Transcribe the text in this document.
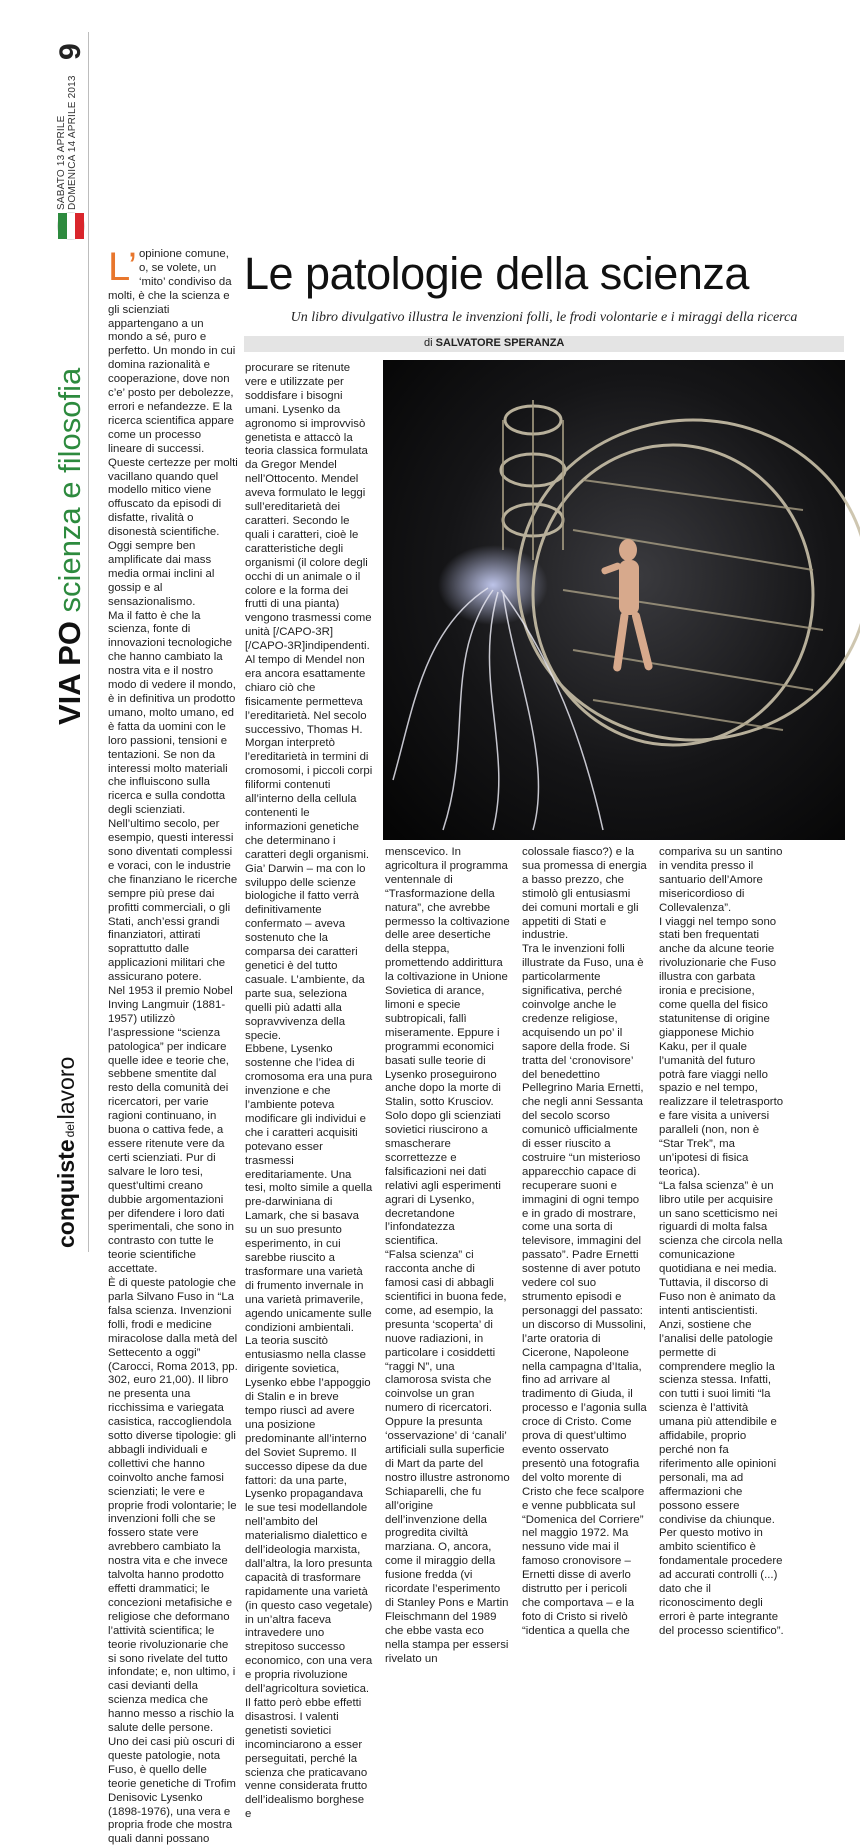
9
SABATO 13 APRILE DOMENICA 14 APRILE 2013
VIA PO scienza e filosofia
conquistedellavoro
Le patologie della scienza
Un libro divulgativo illustra le invenzioni folli, le frodi volontarie e i miraggi della ricerca
di SALVATORE SPERANZA
L’ opinione comune, o, se volete, un ‘mito’ condiviso da molti, è che la scienza e gli scienziati appartengano a un mondo a sé, puro e perfetto. Un mondo in cui domina razionalità e cooperazione, dove non c’e’ posto per debolezze, errori e nefandezze. E la ricerca scientifica appare come un processo lineare di successi. Queste certezze per molti vacillano quando quel modello mitico viene offuscato da episodi di disfatte, rivalità o disonestà scientifiche. Oggi sempre ben amplificate dai mass media ormai inclini al gossip e al sensazionalismo.

Ma il fatto è che la scienza, fonte di innovazioni tecnologiche che hanno cambiato la nostra vita e il nostro modo di vedere il mondo, è in definitiva un prodotto umano, molto umano, ed è fatta da uomini con le loro passioni, tensioni e tentazioni. Se non da interessi molto materiali che influiscono sulla ricerca e sulla condotta degli scienziati. Nell’ultimo secolo, per esempio, questi interessi sono diventati complessi e voraci, con le industrie che finanziano le ricerche sempre più prese dai profitti commerciali, o gli Stati, anch’essi grandi finanziatori, attirati soprattutto dalle applicazioni militari che assicurano potere.

Nel 1953 il premio Nobel Inving Langmuir (1881-1957) utilizzò l’aspressione “scienza patologica” per indicare quelle idee e teorie che, sebbene smentite dal resto della comunità dei ricercatori, per varie ragioni continuano, in buona o cattiva fede, a essere ritenute vere da certi scienziati. Pur di salvare le loro tesi, quest’ultimi creano dubbie argomentazioni per difendere i loro dati sperimentali, che sono in contrasto con tutte le teorie scientifiche accettate.

È di queste patologie che parla Silvano Fuso in “La falsa scienza. Invenzioni folli, frodi e medicine miracolose dalla metà del Settecento a oggi” (Carocci, Roma 2013, pp. 302, euro 21,00). Il libro ne presenta una ricchissima e variegata casistica, raccogliendola sotto diverse tipologie: gli abbagli individuali e collettivi che hanno coinvolto anche famosi scienziati; le vere e proprie frodi volontarie; le invenzioni folli che se fossero state vere avrebbero cambiato la nostra vita e che invece talvolta hanno prodotto effetti drammatici; le concezioni metafisiche e religiose che deformano l’attività scientifica; le teorie rivoluzionarie che si sono rivelate del tutto infondate; e, non ultimo, i casi devianti della scienza medica che hanno messo a rischio la salute delle persone.

Uno dei casi più oscuri di queste patologie, nota Fuso, è quello delle teorie genetiche di Trofim Denisovic Lysenko (1898-1976), una vera e propria frode che mostra quali danni possano

procurare se ritenute vere e utilizzate per soddisfare i bisogni umani. Lysenko da agronomo si improvvisò genetista e attaccò la teoria classica formulata da Gregor Mendel nell’Ottocento. Mendel aveva formulato le leggi sull’ereditarietà dei caratteri. Secondo le quali i caratteri, cioè le caratteristiche degli organismi (il colore degli occhi di un animale o il colore e la forma dei frutti di una pianta) vengono trasmessi come unità [/CAPO-3R][/CAPO-3R]indipendenti. Al tempo di Mendel non era ancora esattamente chiaro ciò che fisicamente permetteva l’ereditarietà. Nel secolo successivo, Thomas H. Morgan interpretò l’ereditarietà in termini di cromosomi, i piccoli corpi filiformi contenuti all’interno della cellula contenenti le informazioni genetiche che determinano i caratteri degli organismi. Gia’ Darwin – ma con lo sviluppo delle scienze biologiche il fatto verrà definitivamente confermato – aveva sostenuto che la comparsa dei caratteri genetici è del tutto casuale. L’ambiente, da parte sua, seleziona quelli più adatti alla sopravvivenza della specie.

Ebbene, Lysenko sostenne che l’idea di cromosoma era una pura invenzione e che l’ambiente poteva modificare gli individui e che i caratteri acquisiti potevano esser trasmessi ereditariamente. Una tesi, molto simile a quella pre-darwiniana di Lamark, che si basava su un suo presunto esperimento, in cui sarebbe riuscito a trasformare una varietà di frumento invernale in una varietà primaverile, agendo unicamente sulle condizioni ambientali.

La teoria suscitò entusiasmo nella classe dirigente sovietica, Lysenko ebbe l’appoggio di Stalin e in breve tempo riuscì ad avere una posizione predominante all’interno del Soviet Supremo. Il successo dipese da due fattori: da una parte, Lysenko propagandava le sue tesi modellandole nell’ambito del materialismo dialettico e dell’ideologia marxista, dall’altra, la loro presunta capacità di trasformare rapidamente una varietà (in questo caso vegetale) in un’altra faceva intravedere uno strepitoso successo economico, con una vera e propria rivoluzione dell’agricoltura sovietica. Il fatto però ebbe effetti disastrosi. I valenti genetisti sovietici incominciarono a esser perseguitati, perché la scienza che praticavano venne considerata frutto dell’idealismo borghese e

menscevico. In agricoltura il programma ventennale di “Trasformazione della natura”, che avrebbe permesso la coltivazione delle aree desertiche della steppa, promettendo addirittura la coltivazione in Unione Sovietica di arance, limoni e specie subtropicali, fallì miseramente. Eppure i programmi economici basati sulle teorie di Lysenko proseguirono anche dopo la morte di Stalin, sotto Krusciov. Solo dopo gli scienziati sovietici riuscirono a smascherare scorrettezze e falsificazioni nei dati relativi agli esperimenti agrari di Lysenko, decretandone l’infondatezza scientifica.

“Falsa scienza” ci racconta anche di famosi casi di abbagli scientifici in buona fede, come, ad esempio, la presunta ‘scoperta’ di nuove radiazioni, in particolare i cosiddetti “raggi N”, una clamorosa svista che coinvolse un gran numero di ricercatori. Oppure la presunta ‘osservazione’ di ‘canali’ artificiali sulla superficie di Mart da parte del nostro illustre astronomo Schiaparelli, che fu all’origine dell’invenzione della progredita civiltà marziana. O, ancora, come il miraggio della fusione fredda (vi ricordate l’esperimento di Stanley Pons e Martin Fleischmann del 1989 che ebbe vasta eco nella stampa per essersi rivelato un

colossale fiasco?) e la sua promessa di energia a basso prezzo, che stimolò gli entusiasmi dei comuni mortali e gli appetiti di Stati e industrie.

Tra le invenzioni folli illustrate da Fuso, una è particolarmente significativa, perché coinvolge anche le credenze religiose, acquisendo un po’ il sapore della frode. Si tratta del ‘cronovisore’ del benedettino Pellegrino Maria Ernetti, che negli anni Sessanta del secolo scorso comunicò ufficialmente di esser riuscito a costruire “un misterioso apparecchio capace di recuperare suoni e immagini di ogni tempo e in grado di mostrare, come una sorta di televisore, immagini del passato”. Padre Ernetti sostenne di aver potuto vedere col suo strumento episodi e personaggi del passato: un discorso di Mussolini, l’arte oratoria di Cicerone, Napoleone nella campagna d’Italia, fino ad arrivare al tradimento di Giuda, il processo e l’agonia sulla croce di Cristo. Come prova di quest’ultimo evento osservato presentò una fotografia del volto morente di Cristo che fece scalpore e venne pubblicata sul “Domenica del Corriere” nel maggio 1972. Ma nessuno vide mai il famoso cronovisore – Ernetti disse di averlo distrutto per i pericoli che comportava – e la foto di Cristo si rivelò “identica a quella che

compariva su un santino in vendita presso il santuario dell’Amore misericordioso di Collevalenza”.

I viaggi nel tempo sono stati ben frequentati anche da alcune teorie rivoluzionarie che Fuso illustra con garbata ironia e precisione, come quella del fisico statunitense di origine giapponese Michio Kaku, per il quale l’umanità del futuro potrà fare viaggi nello spazio e nel tempo, realizzare il teletrasporto e fare visita a universi paralleli (non, non è “Star Trek”, ma un’ipotesi di fisica teorica).

“La falsa scienza” è un libro utile per acquisire un sano scetticismo nei riguardi di molta falsa scienza che circola nella comunicazione quotidiana e nei media. Tuttavia, il discorso di Fuso non è animato da intenti antiscientisti. Anzi, sostiene che l’analisi delle patologie permette di comprendere meglio la scienza stessa. Infatti, con tutti i suoi limiti “la scienza è l’attività umana più attendibile e affidabile, proprio perché non fa riferimento alle opinioni personali, ma ad affermazioni che possono essere condivise da chiunque. Per questo motivo in ambito scientifico è fondamentale procedere ad accurati controlli (...) dato che il riconoscimento degli errori è parte integrante del processo scientifico”.
